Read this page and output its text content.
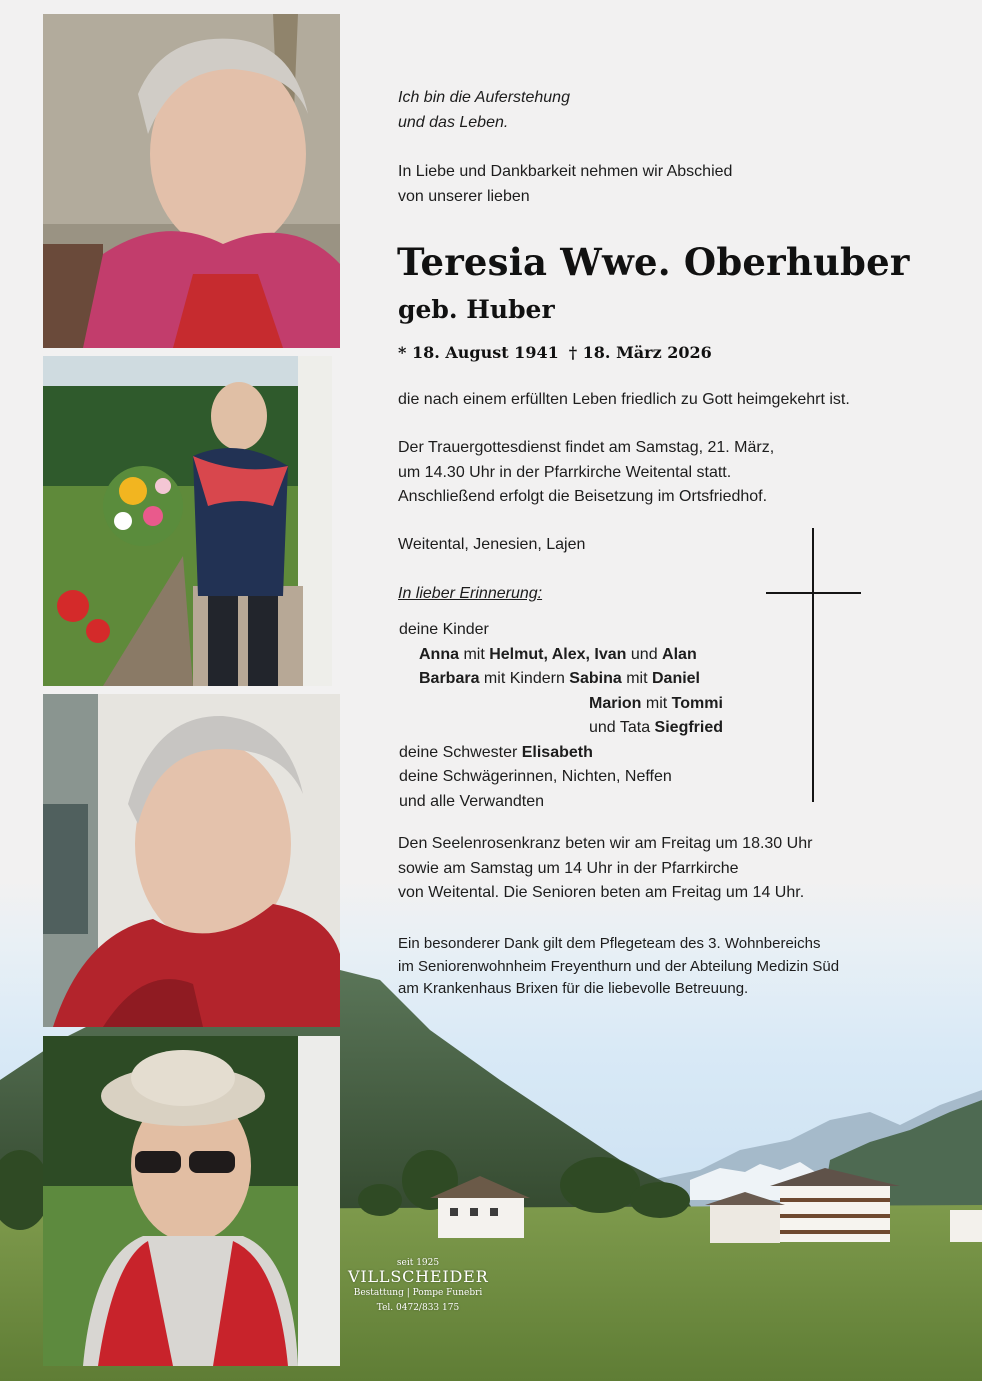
Ich bin die Auferstehung
und das Leben.
In Liebe und Dankbarkeit nehmen wir Abschied
von unserer lieben
Teresia Wwe. Oberhuber
geb. Huber
* 18. August 1941 † 18. März 2026
die nach einem erfüllten Leben friedlich zu Gott heimgekehrt ist.
Der Trauergottesdienst findet am Samstag, 21. März,
um 14.30 Uhr in der Pfarrkirche Weitental statt.
Anschließend erfolgt die Beisetzung im Ortsfriedhof.
Weitental, Jenesien, Lajen
In lieber Erinnerung:
deine Kinder
Anna mit Helmut, Alex, Ivan und Alan
Barbara mit Kindern Sabina mit Daniel
Marion mit Tommi
und Tata Siegfried
deine Schwester Elisabeth
deine Schwägerinnen, Nichten, Neffen
und alle Verwandten
Den Seelenrosenkranz beten wir am Freitag um 18.30 Uhr
sowie am Samstag um 14 Uhr in der Pfarrkirche
von Weitental. Die Senioren beten am Freitag um 14 Uhr.
Ein besonderer Dank gilt dem Pflegeteam des 3. Wohnbereichs
im Seniorenwohnheim Freyenthurn und der Abteilung Medizin Süd
am Krankenhaus Brixen für die liebevolle Betreuung.
seit 1925
VILLSCHEIDER
Bestattung | Pompe Funebri
Tel. 0472/833 175
